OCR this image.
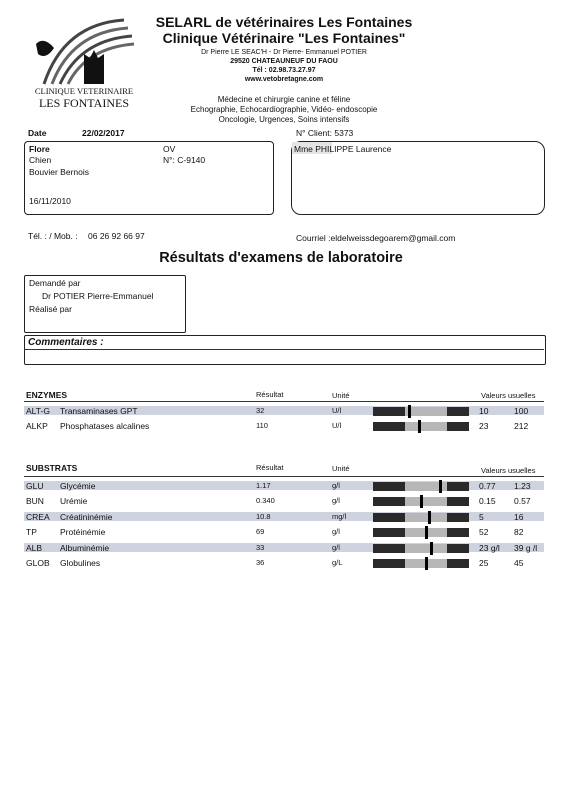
CLINIQUE VETERINAIRE
LES FONTAINES
SELARL de vétérinaires Les Fontaines
Clinique Vétérinaire "Les Fontaines"
Dr Pierre LE SEAC'H - Dr Pierre- Emmanuel POTIER
29520 CHATEAUNEUF DU FAOU
Tél : 02.98.73.27.97
www.vetobretagne.com
Médecine et chirurgie canine et féline
Echographie, Echocardiographie, Vidéo- endoscopie
Oncologie, Urgences, Soins intensifs
Date	22/02/2017	N° Client: 5373
Flore
Chien
Bouvier Bernois
16/11/2010
OV
N°: C-9140
Mme PHILIPPE Laurence
Tél. : / Mob. : 06 26 92 66 97	Courriel :eldelweissdegoarem@gmail.com
Résultats d'examens de laboratoire
Demandé par
Dr POTIER Pierre-Emmanuel
Réalisé par
Commentaires :
ENZYMES	Résultat	Unité	Valeurs usuelles
ALT-G Transaminases GPT	32	U/l	10	100
ALKP Phosphatases alcalines	110	U/l	23	212
SUBSTRATS	Résultat	Unité	Valeurs usuelles
GLU Glycémie	1.17	g/l	0.77 1.23
BUN Urémie	0.340	g/l	0.15 0.57
CREA Créatininémie	10.8	mg/l	5	16
TP	Protéinémie	69	g/l	52	82
ALB Albuminémie	33	g/l	23 g/l 39 g /l
GLOB Globulines	36	g/L	25	45
